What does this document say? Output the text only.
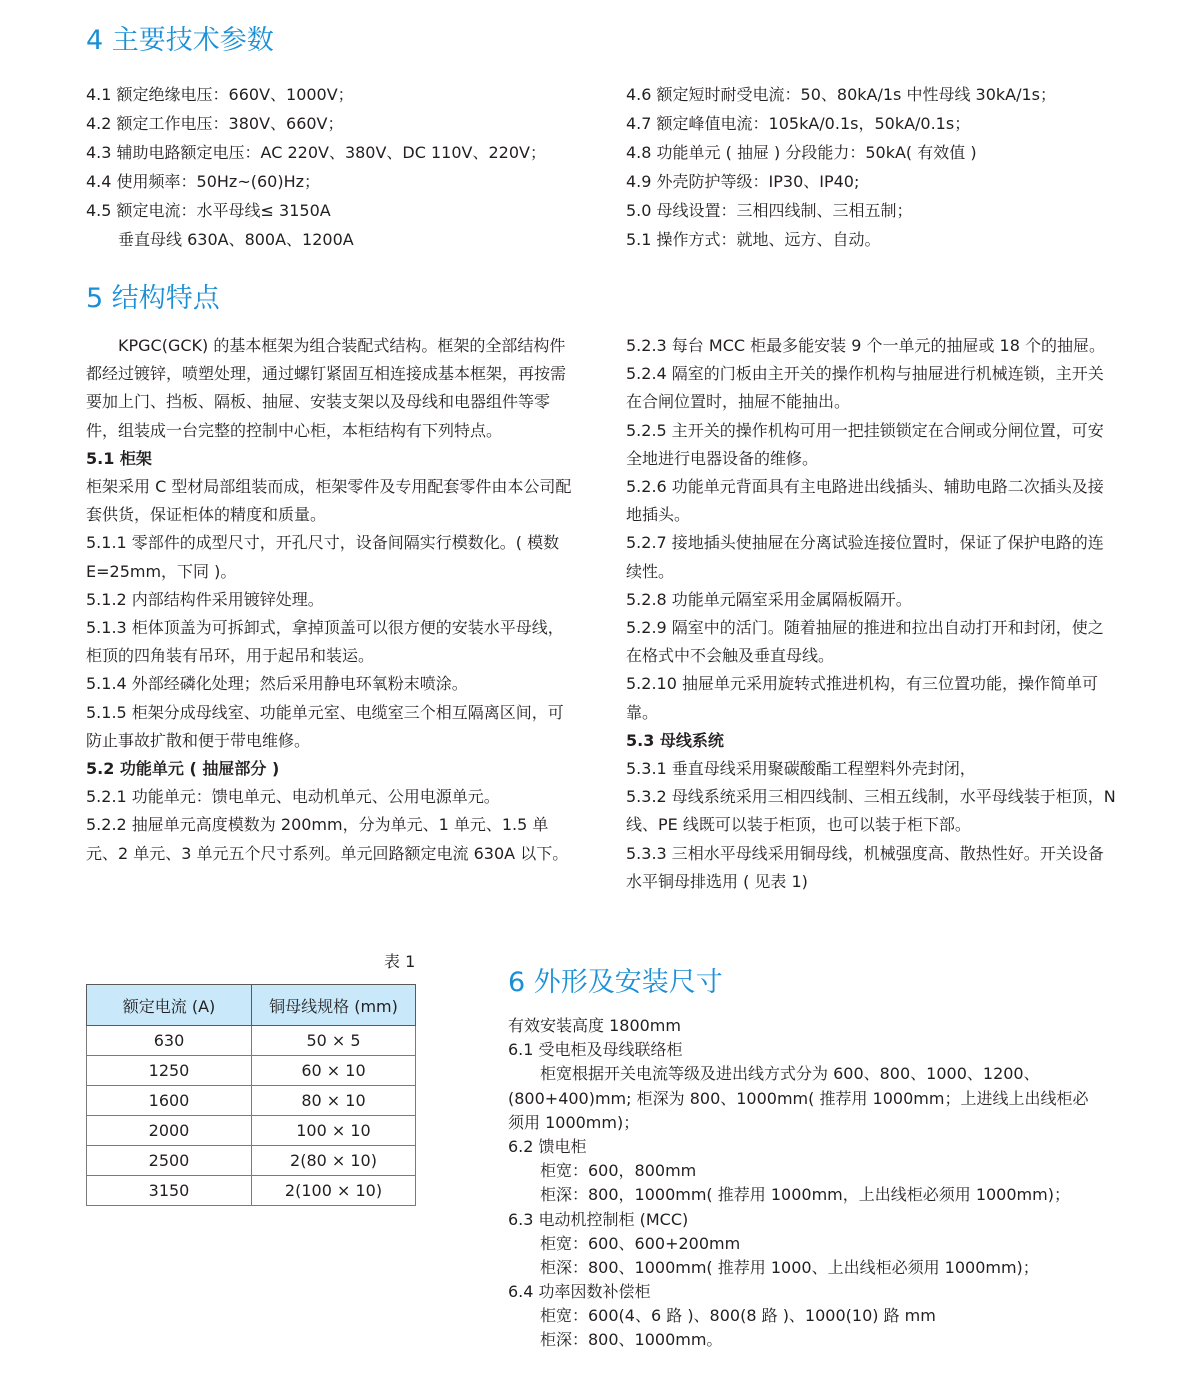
4 主要技术参数
4.1 额定绝缘电压：660V、1000V；
4.2 额定工作电压：380V、660V；
4.3 辅助电路额定电压：AC 220V、380V、DC 110V、220V；
4.4 使用频率：50Hz~(60)Hz；
4.5 额定电流：水平母线≤ 3150A
垂直母线 630A、800A、1200A
4.6 额定短时耐受电流：50、80kA/1s 中性母线 30kA/1s；
4.7 额定峰值电流：105kA/0.1s，50kA/0.1s；
4.8 功能单元 ( 抽屉 ) 分段能力：50kA( 有效值 )
4.9 外壳防护等级：IP30、IP40;
5.0 母线设置：三相四线制、三相五制；
5.1 操作方式：就地、远方、自动。
5 结构特点

KPGC(GCK) 的基本框架为组合装配式结构。框架的全部结构件都经过镀锌，喷塑处理，通过螺钉紧固互相连接成基本框架，再按需要加上门、挡板、隔板、抽屉、安装支架以及母线和电器组件等零件，组装成一台完整的控制中心柜，本柜结构有下列特点。

5.1 柜架

柜架采用 C 型材局部组装而成，柜架零件及专用配套零件由本公司配套供货，保证柜体的精度和质量。

5.1.1 零部件的成型尺寸，开孔尺寸，设备间隔实行模数化。( 模数 E=25mm，下同 )。

5.1.2 内部结构件采用镀锌处理。

5.1.3 柜体顶盖为可拆卸式，拿掉顶盖可以很方便的安装水平母线，柜顶的四角装有吊环，用于起吊和装运。

5.1.4 外部经磷化处理；然后采用静电环氧粉末喷涂。

5.1.5 柜架分成母线室、功能单元室、电缆室三个相互隔离区间，可防止事故扩散和便于带电维修。

5.2 功能单元 ( 抽屉部分 )

5.2.1 功能单元：馈电单元、电动机单元、公用电源单元。

5.2.2 抽屉单元高度模数为 200mm，分为单元、1 单元、1.5 单元、2 单元、3 单元五个尺寸系列。单元回路额定电流 630A 以下。

5.2.3 每台 MCC 柜最多能安装 9 个一单元的抽屉或 18 个的抽屉。

5.2.4 隔室的门板由主开关的操作机构与抽屉进行机械连锁，主开关在合闸位置时，抽屉不能抽出。

5.2.5 主开关的操作机构可用一把挂锁锁定在合闸或分闸位置，可安全地进行电器设备的维修。

5.2.6 功能单元背面具有主电路进出线插头、辅助电路二次插头及接地插头。

5.2.7 接地插头使抽屉在分离试验连接位置时，保证了保护电路的连续性。

5.2.8 功能单元隔室采用金属隔板隔开。

5.2.9 隔室中的活门。随着抽屉的推进和拉出自动打开和封闭，使之在格式中不会触及垂直母线。

5.2.10 抽屉单元采用旋转式推进机构，有三位置功能，操作简单可靠。

5.3 母线系统

5.3.1 垂直母线采用聚碳酸酯工程塑料外壳封闭，

5.3.2 母线系统采用三相四线制、三相五线制，水平母线装于柜顶，N 线、PE 线既可以装于柜顶，也可以装于柜下部。

5.3.3 三相水平母线采用铜母线，机械强度高、散热性好。开关设备水平铜母排选用 ( 见表 1)

表 1
额定电流 (A)	铜母线规格 (mm)
630	50 × 5
1250	60 × 10
1600	80 × 10
2000	100 × 10
2500	2(80 × 10)
3150	2(100 × 10)
6 外形及安装尺寸
有效安装高度 1800mm
6.1 受电柜及母线联络柜
柜宽根据开关电流等级及进出线方式分为 600、800、1000、1200、
(800+400)mm; 柜深为 800、1000mm( 推荐用 1000mm；上进线上出线柜必
须用 1000mm)；
6.2 馈电柜
柜宽：600，800mm
柜深：800，1000mm( 推荐用 1000mm，上出线柜必须用 1000mm)；
6.3 电动机控制柜 (MCC)
柜宽：600、600+200mm
柜深：800、1000mm( 推荐用 1000、上出线柜必须用 1000mm)；
6.4 功率因数补偿柜
柜宽：600(4、6 路 )、800(8 路 )、1000(10) 路 mm
柜深：800、1000mm。
